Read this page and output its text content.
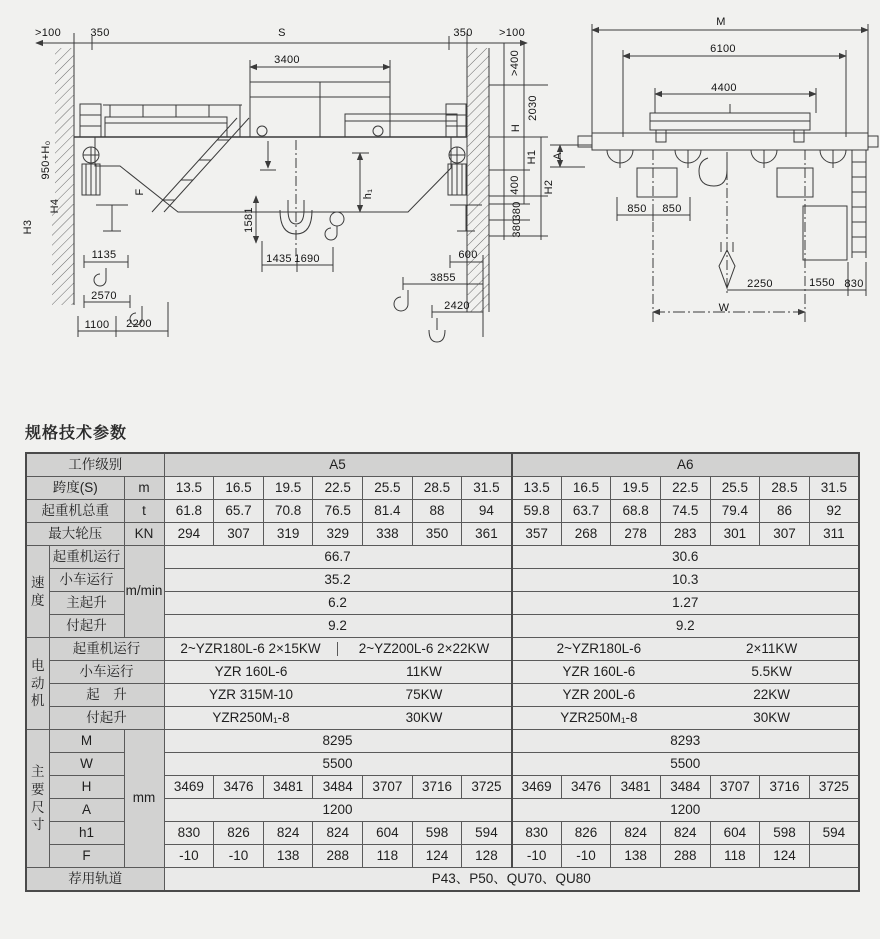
>100	350	S
3400
350 >100
>400
2030
H
H1
400 H2
380
380
950+H₀
H4
H3
F
1581
h₁
1135
2570
1100 2200
1435 1690
3855
2420
600
M
6100
4400
A
850 850
2250	1550 830
W
规格技术参数
工作级别			A5							A6						
跨度(S)		m	13.5	16.5	19.5	22.5	25.5	28.5	31.5	13.5	16.5	19.5	22.5	25.5	28.5	31.5
起重机总重		t	61.8	65.7	70.8	76.5	81.4	88	94	59.8	63.7	68.8	74.5	79.4	86	92
最大轮压		KN	294	307	319	329	338	350	361	357	268	278	283	301	307	311
速度	起重机运行	m/min	66.7							30.6						
	小车运行		35.2							10.3						
	主起升		6.2							1.27						
	付起升		9.2							9.2						
电动机	起重机运行		2~YZR180L-6 2×15KW 2~YZ200L-6 2×22KW							2~YZR180L-6 2×11KW						
	小车运行		YZR 160L-6 11KW							YZR 160L-6 5.5KW						
	起　升		YZR 315M-10 75KW							YZR 200L-6 22KW						
	付起升		YZR250M₁-8 30KW							YZR250M₁-8 30KW						
主要尺寸	M	mm	8295							8293						
	W		5500							5500						
	H		3469	3476	3481	3484	3707	3716	3725	3469	3476	3481	3484	3707	3716	3725
	A		1200							1200						
	h1		830	826	824	824	604	598	594	830	826	824	824	604	598	594
	F		-10	-10	138	288	118	124	128	-10	-10	138	288	118	124	
荐用轨道			P43、P50、QU70、QU80													
